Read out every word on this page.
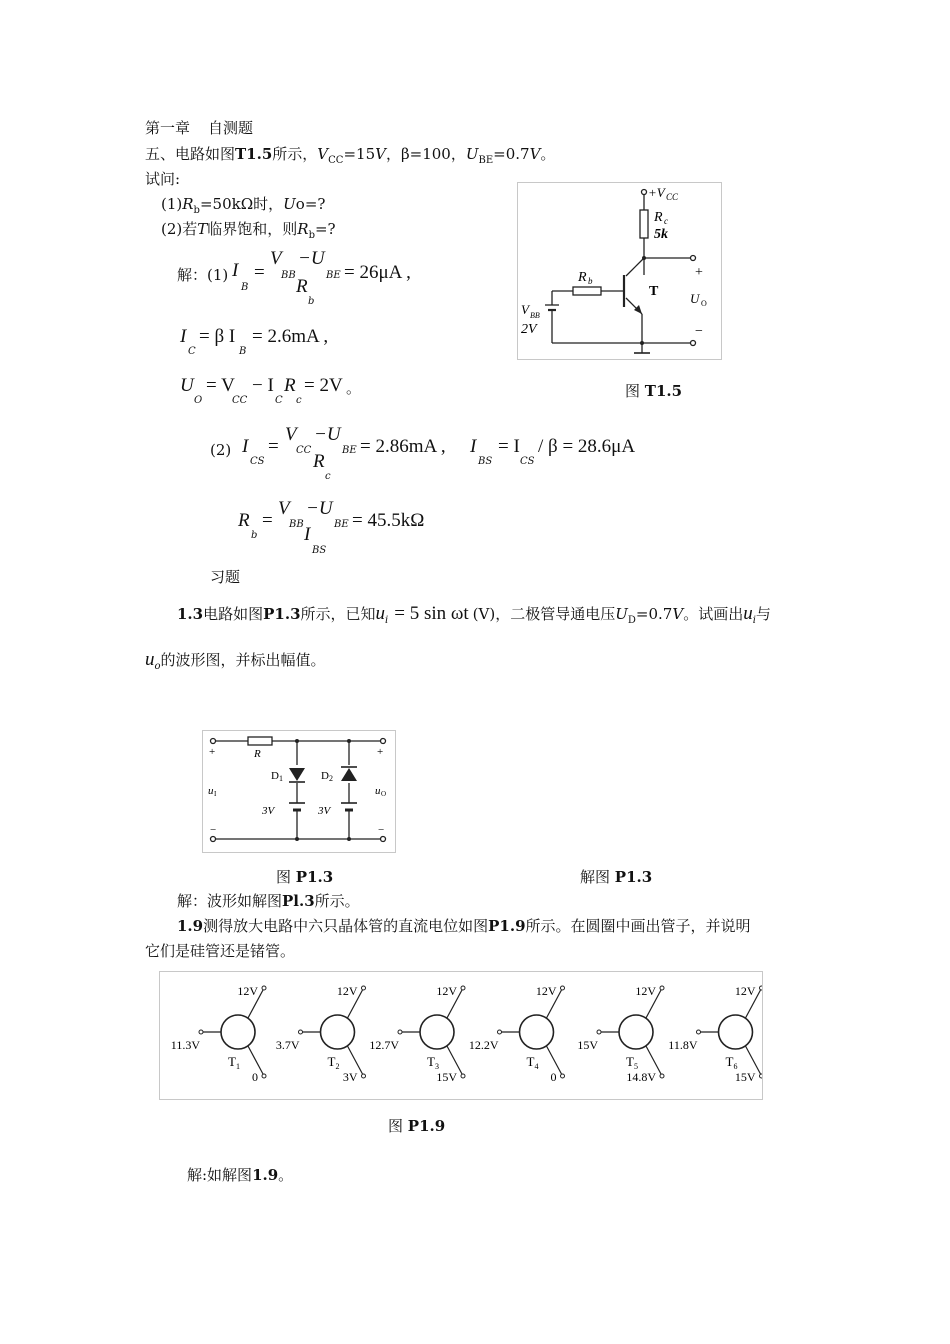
第一章 自测题
五、电路如图T1.5所示，$V_{CC}=15V$，β=100，$U_{BE}=0.7V$。
试问:
$(1)R_b=50k\Omega$时，Uo=?
(2)若T临界饱和，则$R_b=$?
解：(1) I
B
=
V
BB
−U
BE
R
b
= 26μA ,
I
C
= β I
B
= 2.6mA ,
U
O
= V
CC
− I
C
R
c
= 2V 。
(2) I
CS
=
V
CC
−U
BE
R
c
= 2.86mA , I
BS
= I
CS
/ β = 28.6μA
R
b
=
V
BB
−U
BE
I
BS
= 45.5kΩ
习题
1.3电路如图P1.3所示，已知$u_i = 5$ sin ωt (V)，二极管导通电压$U_D=0.7V$。试画出$u_i$与
$u_o$的波形图，并标出幅值。
+	+
−	−
R
D 1	D 2
u I	u O
3V	3V
图 P1.3	解图 P1.3
解：波形如解图Pl.3所示。
1.9测得放大电路中六只晶体管的直流电位如图P1.9所示。在圆圈中画出管子，并说明
它们是硅管还是锗管。
12V
11.3V
0
T 1
12V
3.7V
3V
T 2
12V
12.7V
15V
T 3
12V
12.2V
0
T 4
12V
15V
14.8V
T 5
12V
11.8V
15V
T 6
图 P1.9
解:如解图1.9。
+V CC
R c
5k
R b
T
V BB
2V
+
U O
−
图 T1.5
